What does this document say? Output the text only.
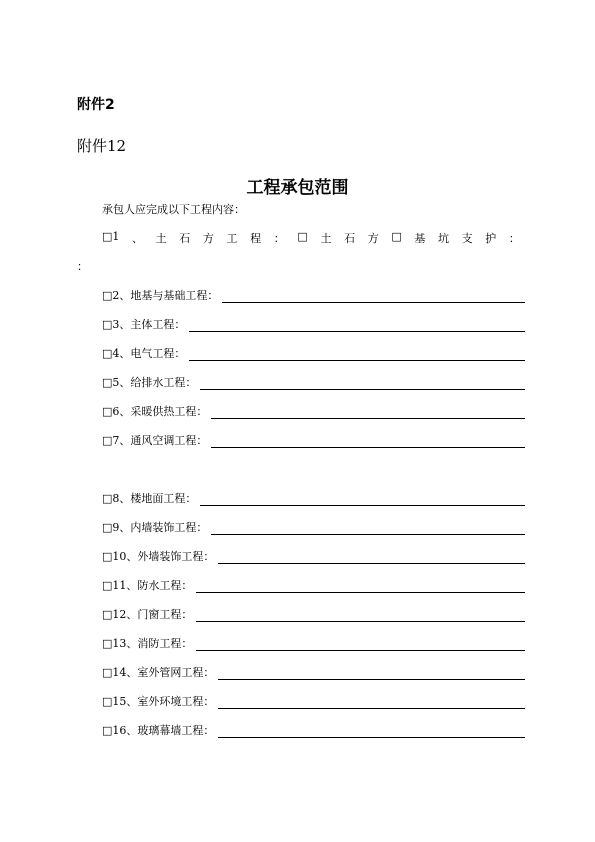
附件2
附件12
工程承包范围
承包人应完成以下工程内容：
□1 、 土 石 方 工 程 ： □ 土 石 方 □ 基 坑 支 护 ：
：
□2、地基与基础工程：
□3、主体工程：
□4、电气工程：
□5、给排水工程：
□6、采暖供热工程：
□7、通风空调工程：
□8、楼地面工程：
□9、内墙装饰工程：
□10、外墙装饰工程：
□11、防水工程：
□12、门窗工程：
□13、消防工程：
□14、室外管网工程：
□15、室外环境工程：
□16、玻璃幕墙工程：
